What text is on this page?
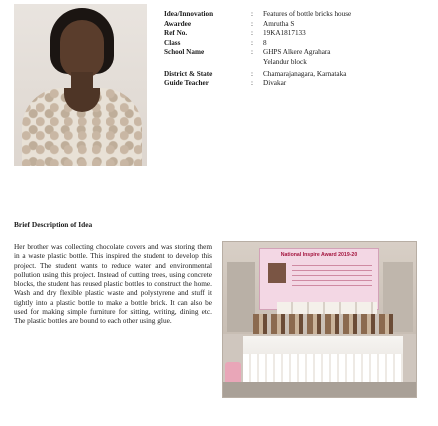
Idea/Innovation	:	Features of bottle bricks house
Awardee	:	Amrutha S
Ref No.	:	19KA1817133
Class	:	8
School Name	:	GHPS Alkere Agrahara
Yelandur block
District & State	:	Chamarajanagara, Karnataka
Guide Teacher	:	Divakar
Brief Description of Idea

Her brother was collecting chocolate covers and was storing them in a waste plastic bottle. This inspired the student to develop this project. The student wants to reduce water and environmental pollution using this project. Instead of cutting trees, using concrete blocks, the student has reused plastic bottles to construct the home. Wash and dry flexible plastic waste and polystyrene and stuff it tightly into a plastic bottle to make a bottle brick. It can also be used for making simple furniture for sitting, writing, dining etc. The plastic bottles are bound to each other using glue.

National Inspire Award 2019-20
